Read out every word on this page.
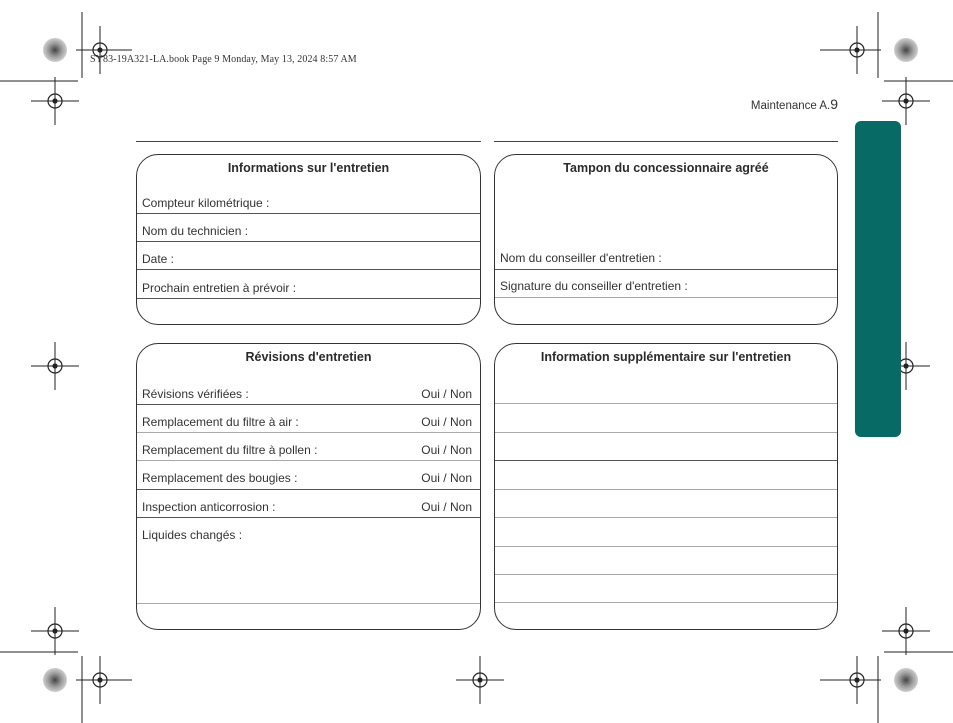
SY83-19A321-LA.book Page 9 Monday, May 13, 2024 8:57 AM
Maintenance A.9
Informations sur l'entretien
Compteur kilométrique :
Nom du technicien :
Date :
Prochain entretien à prévoir :
Tampon du concessionnaire agréé
Nom du conseiller d'entretien :
Signature du conseiller d'entretien :
Révisions d'entretien
Révisions vérifiées :	Oui / Non
Remplacement du filtre à air :	Oui / Non
Remplacement du filtre à pollen :	Oui / Non
Remplacement des bougies :	Oui / Non
Inspection anticorrosion :	Oui / Non
Liquides changés :
Information supplémentaire sur l'entretien
